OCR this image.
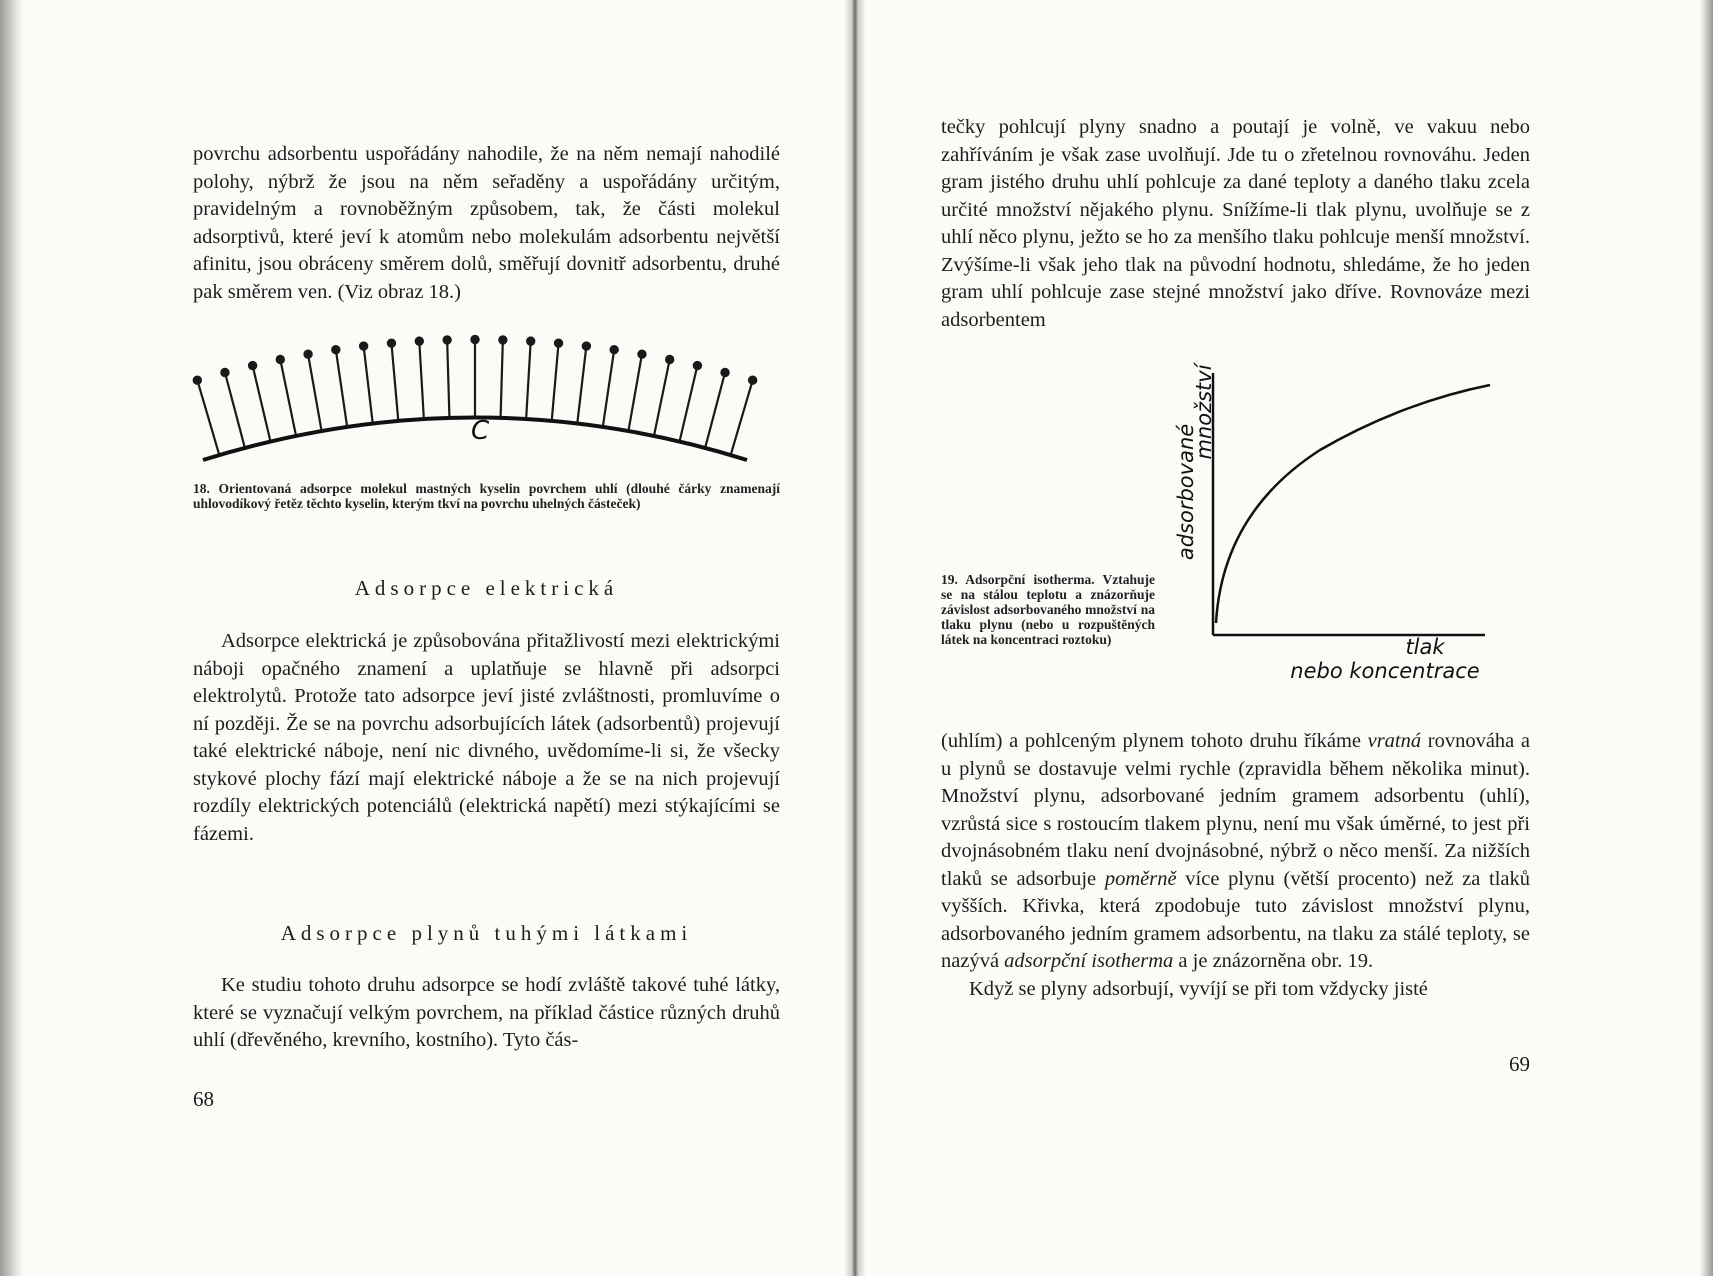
povrchu adsorbentu uspořádány nahodile, že na něm nemají nahodilé polohy, nýbrž že jsou na něm seřaděny a uspořádány určitým, pravidelným a rovnoběžným způsobem, tak, že části molekul adsorptivů, které jeví k atomům nebo molekulám adsorbentu největší afinitu, jsou obráceny směrem dolů, směřují dovnitř adsorbentu, druhé pak směrem ven. (Viz obraz 18.)

C
18. Orientovaná adsorpce molekul mastných kyselin povrchem uhlí (dlouhé čárky znamenají uhlovodíkový řetěz těchto kyselin, kterým tkví na povrchu uhelných částeček)
Adsorpce elektrická

Adsorpce elektrická je způsobována přitažlivostí mezi elektrickými náboji opačného znamení a uplatňuje se hlavně při adsorpci elektrolytů. Protože tato adsorpce jeví jisté zvláštnosti, promluvíme o ní později. Že se na povrchu adsorbujících látek (adsorbentů) projevují také elektrické náboje, není nic divného, uvědomíme-li si, že všecky stykové plochy fází mají elektrické náboje a že se na nich projevují rozdíly elektrických potenciálů (elektrická napětí) mezi stýkajícími se fázemi.

Adsorpce plynů tuhými látkami

Ke studiu tohoto druhu adsorpce se hodí zvláště takové tuhé látky, které se vyznačují velkým povrchem, na příklad částice různých druhů uhlí (dřevěného, krevního, kostního). Tyto čás-

68

tečky pohlcují plyny snadno a poutají je volně, ve vakuu nebo zahříváním je však zase uvolňují. Jde tu o zřetelnou rovnováhu. Jeden gram jistého druhu uhlí pohlcuje za dané teploty a daného tlaku zcela určité množství nějakého plynu. Snížíme-li tlak plynu, uvolňuje se z uhlí něco plynu, ježto se ho za menšího tlaku pohlcuje menší množství. Zvýšíme-li však jeho tlak na původní hodnotu, shledáme, že ho jeden gram uhlí pohlcuje zase stejné množství jako dříve. Rovnováze mezi adsorbentem

adsorbované
množství
tlak
nebo koncentrace
19. Adsorpční isotherma. Vztahuje se na stálou teplotu a znázorňuje závislost adsorbovaného množství na tlaku plynu (nebo u rozpuštěných látek na koncentraci roztoku)

(uhlím) a pohlceným plynem tohoto druhu říkáme vratná rovnováha a u plynů se dostavuje velmi rychle (zpravidla během několika minut). Množství plynu, adsorbované jedním gramem adsorbentu (uhlí), vzrůstá sice s rostoucím tlakem plynu, není mu však úměrné, to jest při dvojnásobném tlaku není dvojnásobné, nýbrž o něco menší. Za nižších tlaků se adsorbuje poměrně více plynu (větší procento) než za tlaků vyšších. Křivka, která zpodobuje tuto závislost množství plynu, adsorbovaného jedním gramem adsorbentu, na tlaku za stálé teploty, se nazývá adsorpční isotherma a je znázorněna obr. 19.

Když se plyny adsorbují, vyvíjí se při tom vždycky jisté

69
